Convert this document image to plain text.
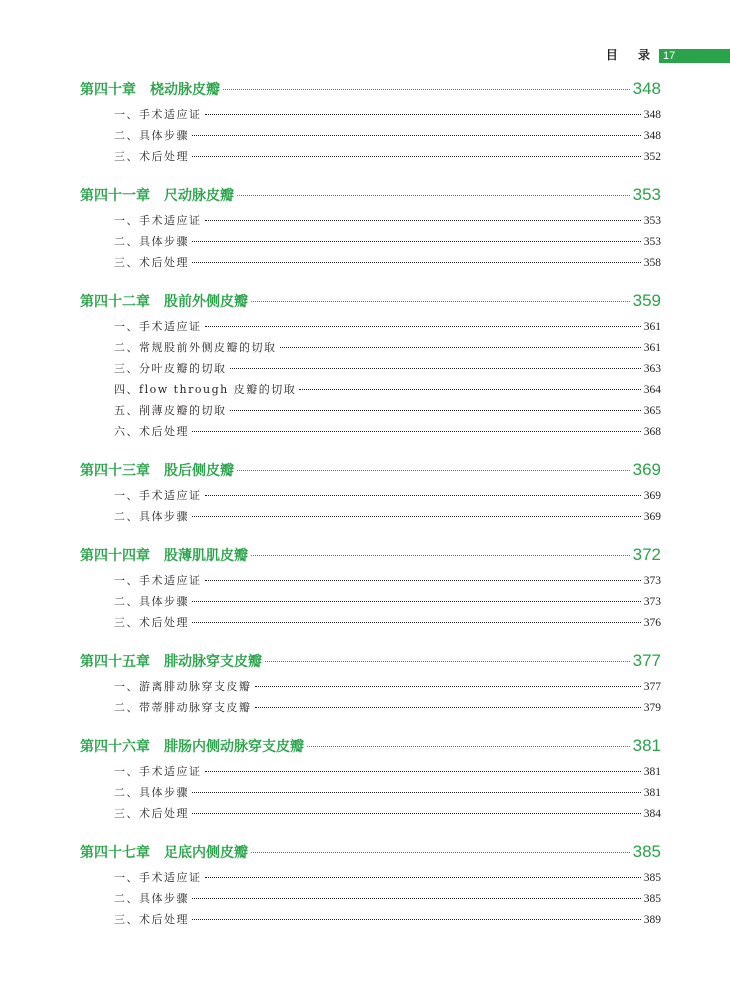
目 录 17
第四十章 桡动脉皮瓣	348
一、手术适应证	348
二、具体步骤	348
三、术后处理	352
第四十一章 尺动脉皮瓣	353
一、手术适应证	353
二、具体步骤	353
三、术后处理	358
第四十二章 股前外侧皮瓣	359
一、手术适应证	361
二、常规股前外侧皮瓣的切取	361
三、分叶皮瓣的切取	363
四、flow through 皮瓣的切取	364
五、削薄皮瓣的切取	365
六、术后处理	368
第四十三章 股后侧皮瓣	369
一、手术适应证	369
二、具体步骤	369
第四十四章 股薄肌肌皮瓣	372
一、手术适应证	373
二、具体步骤	373
三、术后处理	376
第四十五章 腓动脉穿支皮瓣	377
一、游离腓动脉穿支皮瓣	377
二、带蒂腓动脉穿支皮瓣	379
第四十六章 腓肠内侧动脉穿支皮瓣	381
一、手术适应证	381
二、具体步骤	381
三、术后处理	384
第四十七章 足底内侧皮瓣	385
一、手术适应证	385
二、具体步骤	385
三、术后处理	389
